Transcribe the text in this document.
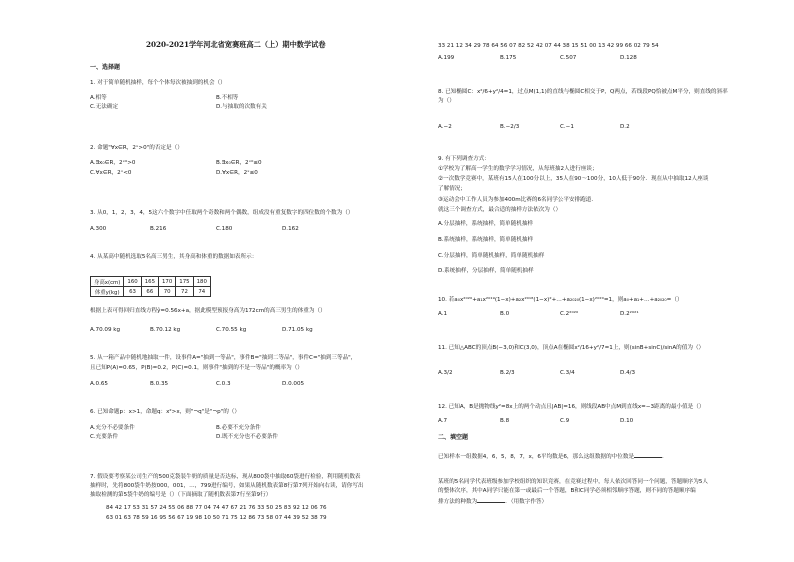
2020-2021学年河北省宽赛班高二（上）期中数学试卷
一、选择题
1. 对于简单随机抽样，每个个体每次被抽到的机会（）
A.相等	B.不相等
C.无法确定	D.与抽取的次数有关
2. 命题"∀x∈R，2ˣ>0"的否定是（）
A.∃x₀∈R，2ˣ⁰>0	B.∃x₀∈R，2ˣ⁰≤0
C.∀x∈R，2ˣ<0	D.∀x∈R，2ˣ≤0
3. 从0，1，2，3，4，5这六个数字中任取两个奇数和两个偶数，组成没有重复数字的四位数的个数为（）
A.300	B.216	C.180	D.162
4. 从某高中随机选取5名高三男生，其身高和体重的数据如表所示：
身高x(cm)	160	165	170	175	180
体重y(kg)	63	66	70	72	74
根据上表可得回归直线方程ŷ=0.56x+a，据此模型预报身高为172cm的高三男生的体重为（）
A.70.09 kg	B.70.12 kg	C.70.55 kg	D.71.05 kg
5. 从一箱产品中随机地抽取一件，设事件A="抽到一等品"，事件B="抽到二等品"，事件C="抽到三等品"，
且已知P(A)=0.65，P(B)=0.2，P(C)=0.1，则事件"抽到的不是一等品"的概率为（）
A.0.65	B.0.35	C.0.3	D.0.005
6. 已知命题p：x>1，命题q：x²>x，则"¬q"是"¬p"的（）
A.充分不必要条件	B.必要不充分条件
C.充要条件	D.既不充分也不必要条件
7. 假设要考察某公司生产的500克袋装牛奶的质量是否达标，现从800袋中抽取60袋进行检验，利用随机数表
抽样时，先将800袋牛奶按000，001，…，799进行编号，如果从随机数表第8行第7列开始向右读，请你写出
抽取检测的第5袋牛奶的编号是（）（下面摘取了随机数表第7行至第9行）
84 42 17 53 31 57 24 55 06 88 77 04 74 47 67 21 76 33 50 25 83 92 12 06 76
63 01 63 78 59 16 95 56 67 19 98 10 50 71 75 12 86 73 58 07 44 39 52 38 79
33 21 12 34 29 78 64 56 07 82 52 42 07 44 38 15 51 00 13 42 99 66 02 79 54
A.199	B.175	C.507	D.128
8. 已知椭圆C：x²/6+y²/4=1，过点M(1,1)的直线与椭圆C相交于P，Q两点，若线段PQ恰被点M平分，则直线的斜率
为（）
A.−2	B.−2/3	C.−1	D.2
9. 有下列调查方式：
①学校为了解高一学生的数学学习情况，从每班抽2人进行座谈；
②一次数学竞赛中，某班有15人在100分以上，35人在90～100分，10人低于90分．现在从中抽取12人座谈
了解情况；
③运动会中工作人员为参加400m比赛的6名同学公平安排跑道．
就这三个调查方式，最合适的抽样方法依次为（）
A.分层抽样，系统抽样，简单随机抽样
B.系统抽样，系统抽样，简单随机抽样
C.分层抽样，简单随机抽样，简单随机抽样
D.系统抽样，分层抽样，简单随机抽样
10. 若a₀x²⁰²⁰+a₁x²⁰¹⁹(1−x)+a₂x²⁰¹⁸(1−x)²+…+a₂₀₂₀(1−x)²⁰²⁰=1，则a₀+a₁+…+a₂₀₂₀=（）
A.1	B.0	C.2²⁰²⁰	D.2²⁰²¹
11. 已知△ABC的顶点B(−3,0)和C(3,0)，顶点A在椭圆x²/16+y²/7=1上，则(sinB+sinC)/sinA的值为（）
A.3/2	B.2/3	C.3/4	D.4/3
12. 已知A，B是抛物线y²=8x上的两个动点且|AB|=16，则线段AB中点M到直线x=−3距离的最小值是（）
A.7	B.8	C.9	D.10
二、填空题
已知样本一组数据4，6，5，8，7，x，6平均数是6，那么这组数据的中位数是	．
某班的5名同学代表班级参加学校组织的知识竞赛，在竞赛过程中，每人依次回答同一个问题，答题顺序为5人
的整体次序，其中A同学只能在第一或最后一个答题，B和C同学必须相邻顺序答题，则不同的答题顺序编
排方法的种数为	．（用数字作答）
